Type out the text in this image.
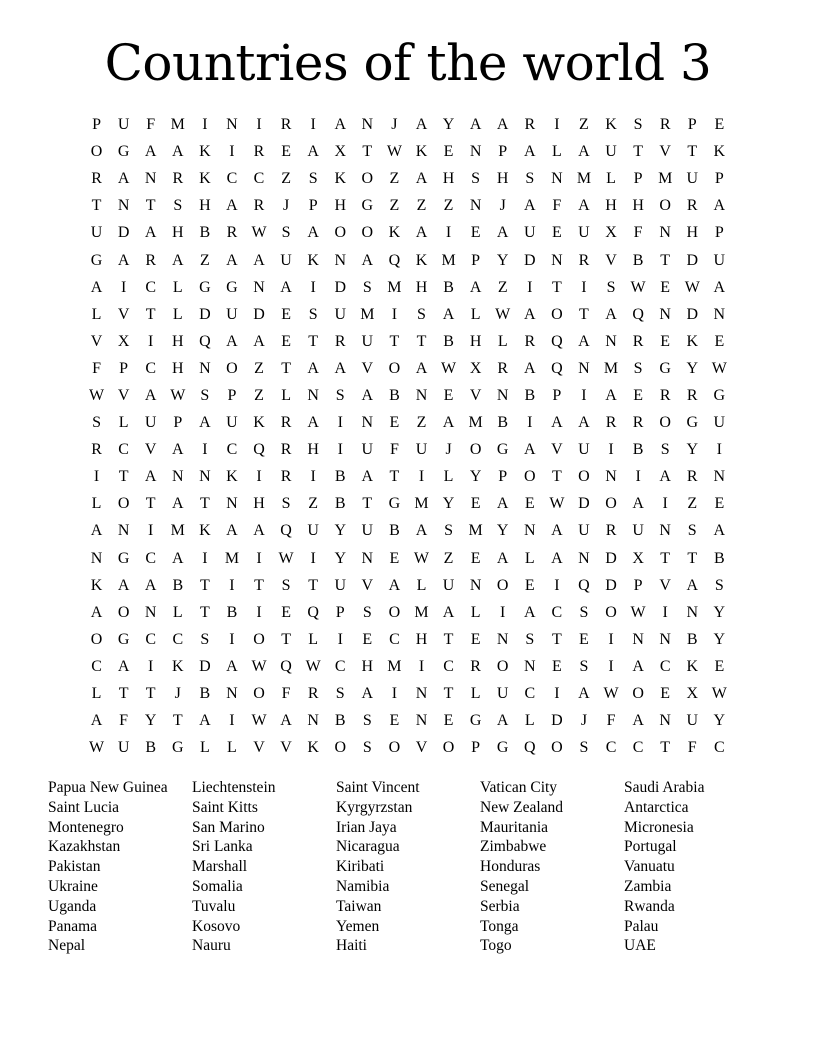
Countries of the world 3
P	U	F M	I	N	I	R	I	A N	J	A Y A A R	I	Z	K	S	R	P	E
O G A A K	I	R	E	A X	T W K	E	N	P	A	L	A U	T	V	T	K
R A N R K C	C	Z	S	K O	Z	A H	S	H	S	N M L	P M U	P
T	N	T	S	H A R	J	P	H G	Z	Z	Z	N	J	A	F	A H H O R A
U D A H B	R W S	A O O K A	I	E	A U	E	U X	F	N H	P
G A R A	Z	A A U K N A Q K M P	Y D N R V B	T	D U
A	I	C	L	G G N A	I	D	S M H B A	Z	I	T	I	S W E W A
L	V	T	L	D U D	E	S	U M	I	S	A	L W A O	T	A Q N D N
V X	I	H Q A A	E	T	R U	T	T	B H	L	R Q A N R	E	K	E
F	P	C H N O	Z	T	A A V O A W X R A Q N M S	G Y W
W V A W S	P	Z	L	N	S	A B N	E	V N B	P	I	A	E	R	R G
S	L	U	P	A U K R A	I	N	E	Z	A M B	I	A A R	R O G U
R	C V A	I	C Q R H	I	U	F	U	J	O G A V U	I	B	S	Y	I
I	T	A N N K	I	R	I	B A	T	I	L	Y	P	O	T	O N	I	A R N
L	O	T	A	T	N H	S	Z	B	T	G M Y	E	A	E W D O A	I	Z	E
A N	I	M K A A Q U Y U B A	S M Y N A U R U N	S	A
N G C A	I	M	I	W	I	Y N	E W Z	E	A	L	A N D X	T	T	B
K A A B	T	I	T	S	T	U V A	L	U N O	E	I	Q D	P	V A	S
A O N	L	T	B	I	E	Q	P	S	O M A	L	I	A C	S	O W	I	N Y
O G C	C	S	I	O	T	L	I	E	C H	T	E	N	S	T	E	I	N N B Y
C A	I	K D A W Q W C H M	I	C	R O N	E	S	I	A C K	E
L	T	T	J	B N O	F	R	S	A	I	N	T	L	U C	I	A W O	E	X W
A	F	Y	T	A	I	W A N B	S	E	N	E	G A	L	D	J	F	A N U Y
W U B G	L	L	V V K O	S	O V O	P	G Q O	S	C	C	T	F	C
Papua New Guinea
Saint Lucia
Montenegro
Kazakhstan
Pakistan
Ukraine
Uganda
Panama
Nepal
Liechtenstein
Saint Kitts
San Marino
Sri Lanka
Marshall
Somalia
Tuvalu
Kosovo
Nauru
Saint Vincent
Kyrgyrzstan
Irian Jaya
Nicaragua
Kiribati
Namibia
Taiwan
Yemen
Haiti
Vatican City
New Zealand
Mauritania
Zimbabwe
Honduras
Senegal
Serbia
Tonga
Togo
Saudi Arabia
Antarctica
Micronesia
Portugal
Vanuatu
Zambia
Rwanda
Palau
UAE
